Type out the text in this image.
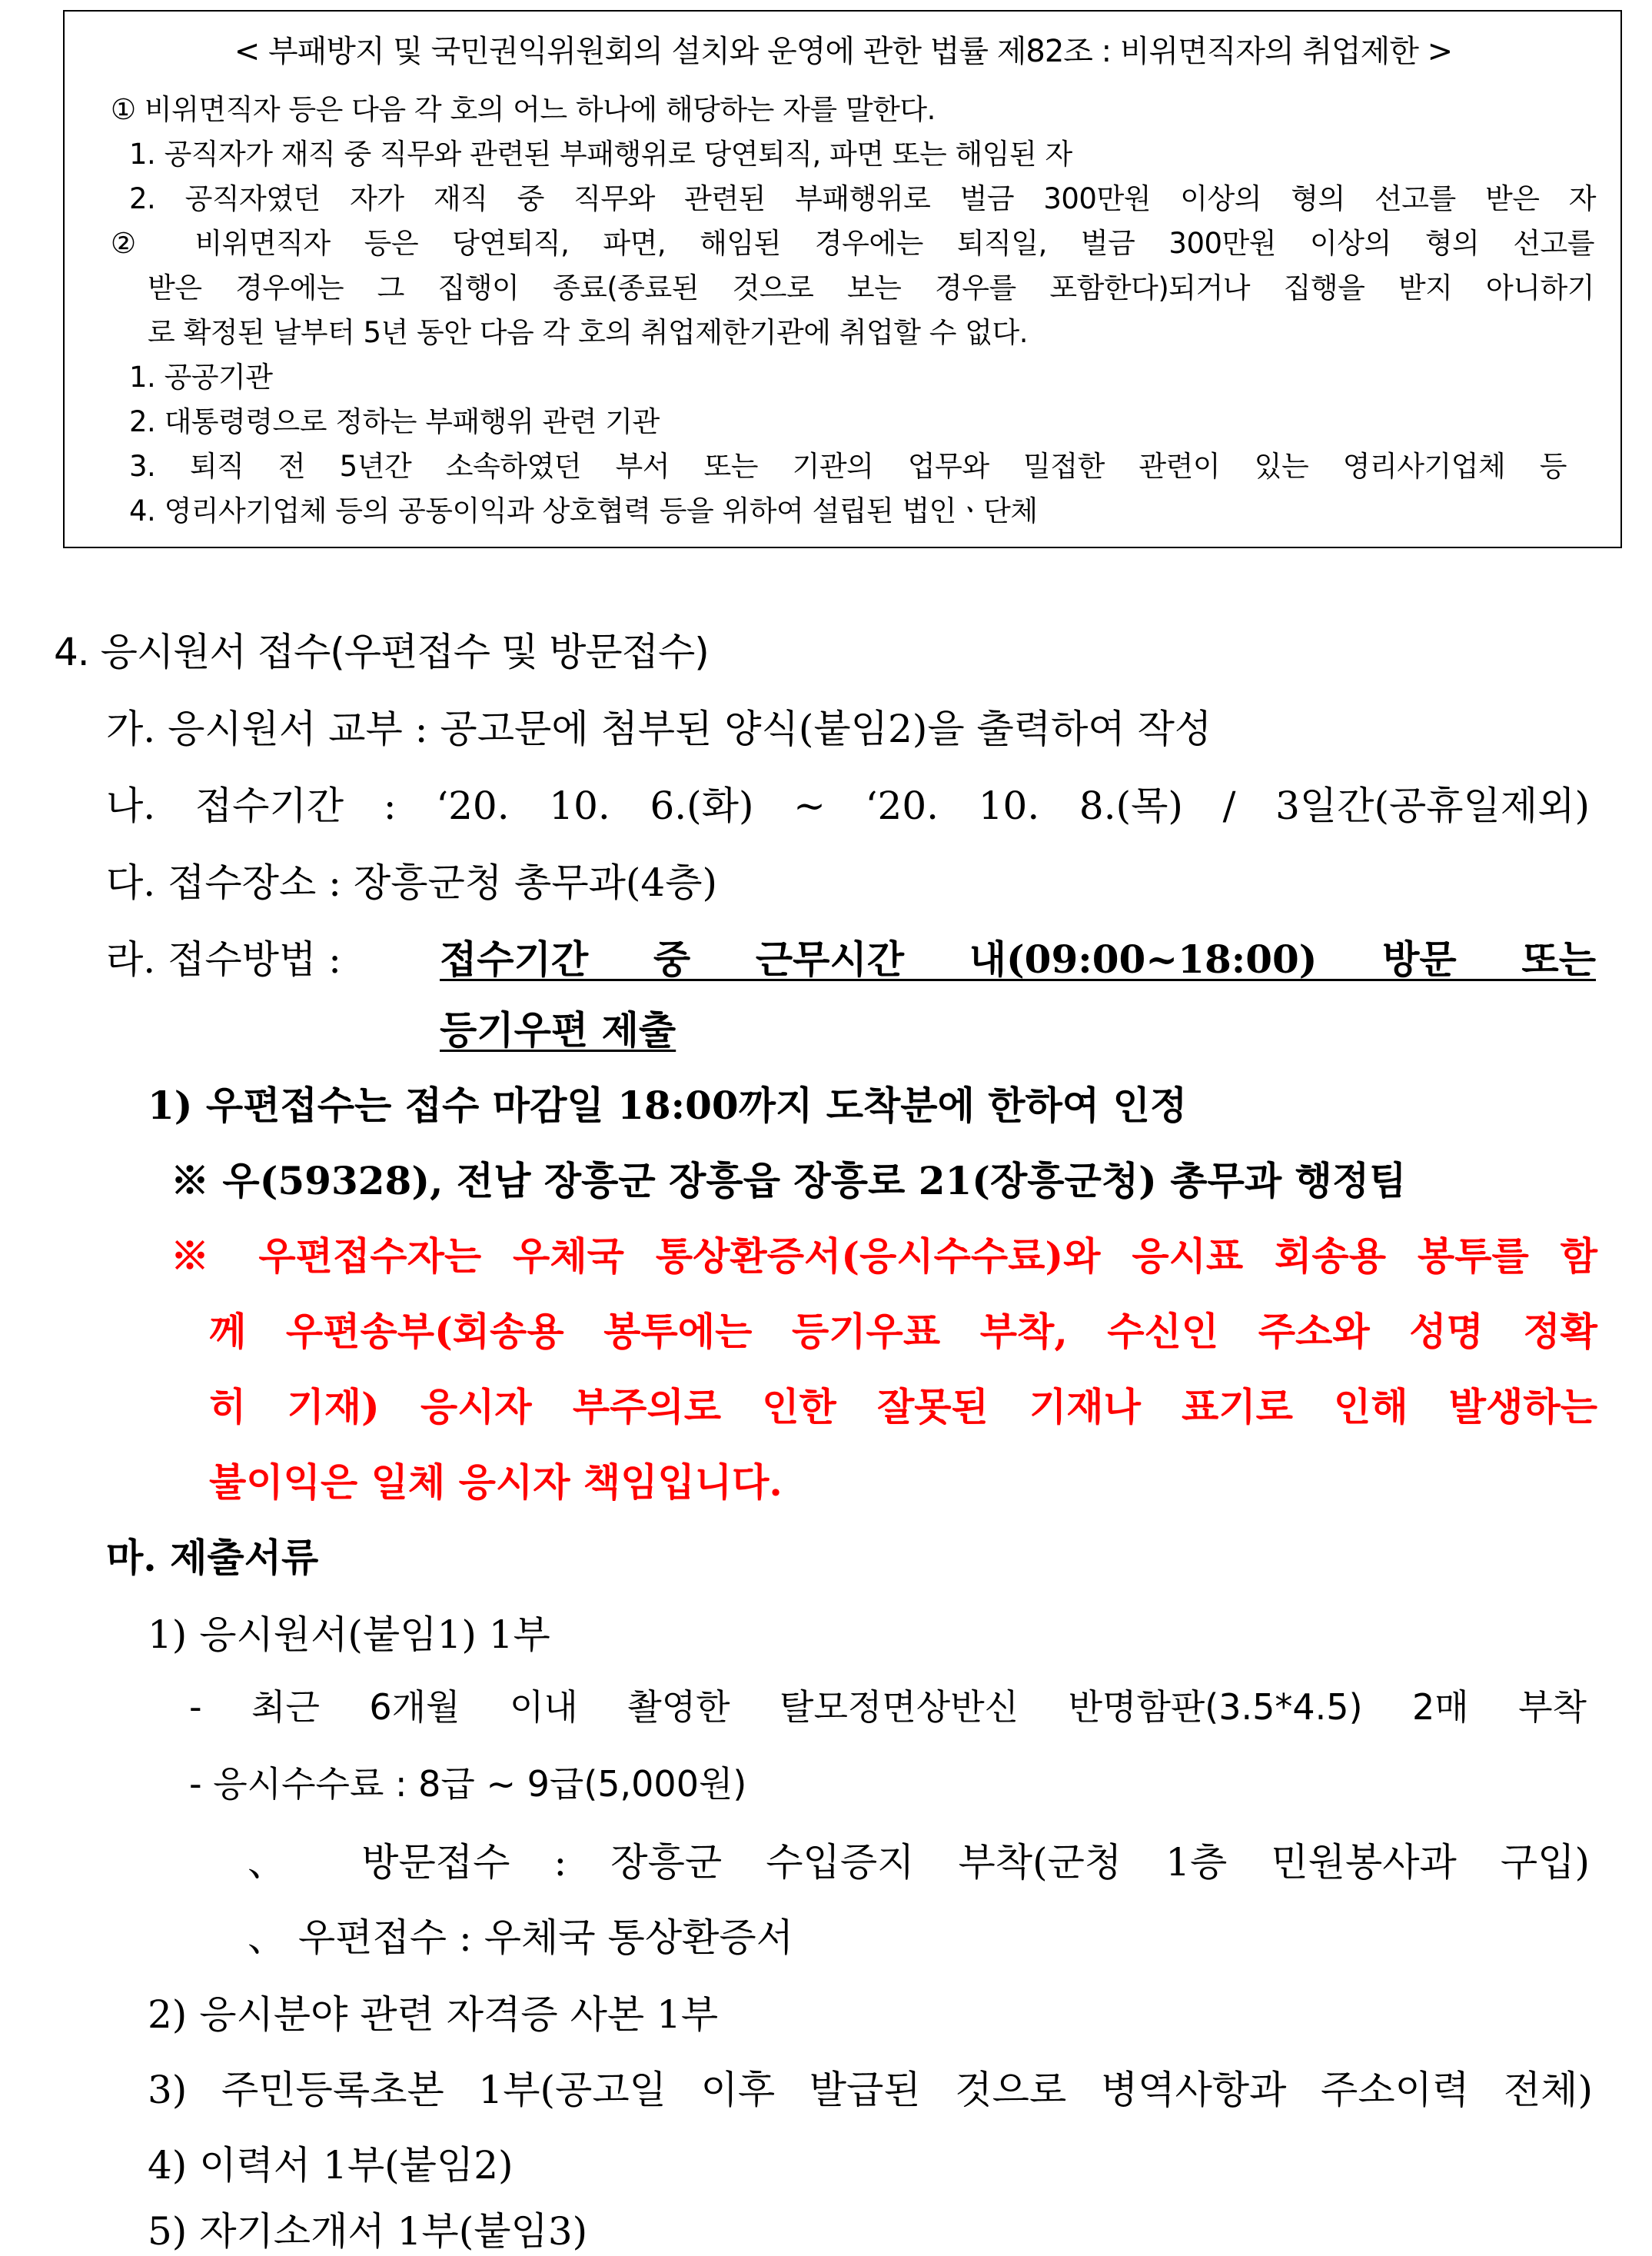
< 부패방지 및 국민권익위원회의 설치와 운영에 관한 법률 제82조 : 비위면직자의 취업제한 >
① 비위면직자 등은 다음 각 호의 어느 하나에 해당하는 자를 말한다.
1. 공직자가 재직 중 직무와 관련된 부패행위로 당연퇴직, 파면 또는 해임된 자
2. 공직자였던 자가 재직 중 직무와 관련된 부패행위로 벌금 300만원 이상의 형의 선고를 받은 자
② 비위면직자 등은 당연퇴직, 파면, 해임된 경우에는 퇴직일, 벌금 300만원 이상의 형의 선고를
받은 경우에는 그 집행이 종료(종료된 것으로 보는 경우를 포함한다)되거나 집행을 받지 아니하기
로 확정된 날부터 5년 동안 다음 각 호의 취업제한기관에 취업할 수 없다.
1. 공공기관
2. 대통령령으로 정하는 부패행위 관련 기관
3. 퇴직 전 5년간 소속하였던 부서 또는 기관의 업무와 밀접한 관련이 있는 영리사기업체 등
4. 영리사기업체 등의 공동이익과 상호협력 등을 위하여 설립된 법인ㆍ단체
4. 응시원서 접수(우편접수 및 방문접수)
가. 응시원서 교부 : 공고문에 첨부된 양식(붙임2)을 출력하여 작성
나. 접수기간 : ‘20. 10. 6.(화) ~ ‘20. 10. 8.(목) / 3일간(공휴일제외)
다. 접수장소 : 장흥군청 총무과(4층)
라. 접수방법 :	접수기간 중 근무시간 내(09:00~18:00) 방문 또는
등기우편 제출
1) 우편접수는 접수 마감일 18:00까지 도착분에 한하여 인정
※ 우(59328), 전남 장흥군 장흥읍 장흥로 21(장흥군청) 총무과 행정팀
※ 우편접수자는 우체국 통상환증서(응시수수료)와 응시표 회송용 봉투를 함
께 우편송부(회송용 봉투에는 등기우표 부착, 수신인 주소와 성명 정확
히 기재) 응시자 부주의로 인한 잘못된 기재나 표기로 인해 발생하는
불이익은 일체 응시자 책임입니다.
마. 제출서류
1) 응시원서(붙임1) 1부
- 최근 6개월 이내 촬영한 탈모정면상반신 반명함판(3.5*4.5) 2매 부착
- 응시수수료 : 8급 ~ 9급(5,000원)
、 방문접수 : 장흥군 수입증지 부착(군청 1층 민원봉사과 구입)
、 우편접수 : 우체국 통상환증서
2) 응시분야 관련 자격증 사본 1부
3) 주민등록초본 1부(공고일 이후 발급된 것으로 병역사항과 주소이력 전체)
4) 이력서 1부(붙임2)
5) 자기소개서 1부(붙임3)
